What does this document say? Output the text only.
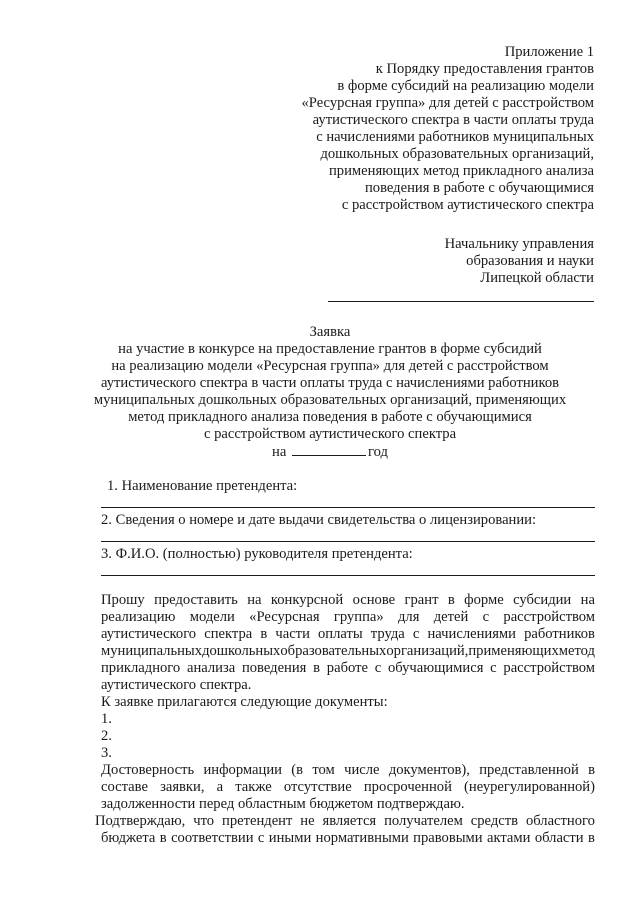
Приложение 1
к Порядку предоставления грантов
в форме субсидий на реализацию модели
«Ресурсная группа» для детей с расстройством
аутистического спектра в части оплаты труда
с начислениями работников муниципальных
дошкольных образовательных организаций,
применяющих метод прикладного анализа
поведения в работе с обучающимися
с расстройством аутистического спектра
Начальнику управления
образования и науки
Липецкой области
Заявка
на участие в конкурсе на предоставление грантов в форме субсидий
на реализацию модели «Ресурсная группа» для детей с расстройством
аутистического спектра в части оплаты труда с начислениями работников
муниципальных дошкольных образовательных организаций, применяющих
метод прикладного анализа поведения в работе с обучающимися
с расстройством аутистического спектра
на	год
1. Наименование претендента:
2. Сведения о номере и дате выдачи свидетельства о лицензировании:
3. Ф.И.О. (полностью) руководителя претендента:
Прошу предоставить на конкурсной основе грант в форме субсидии на
реализацию модели «Ресурсная группа» для детей с расстройством
аутистического спектра в части оплаты труда с начислениями работников
муниципальных дошкольных образовательных организаций, применяющих метод
прикладного анализа поведения в работе с обучающимися с расстройством
аутистического спектра.
К заявке прилагаются следующие документы:
1.
2.
3.
Достоверность информации (в том числе документов), представленной в
составе заявки, а также отсутствие просроченной (неурегулированной)
задолженности перед областным бюджетом подтверждаю.
Подтверждаю, что претендент не является получателем средств областного
бюджета в соответствии с иными нормативными правовыми актами области в
